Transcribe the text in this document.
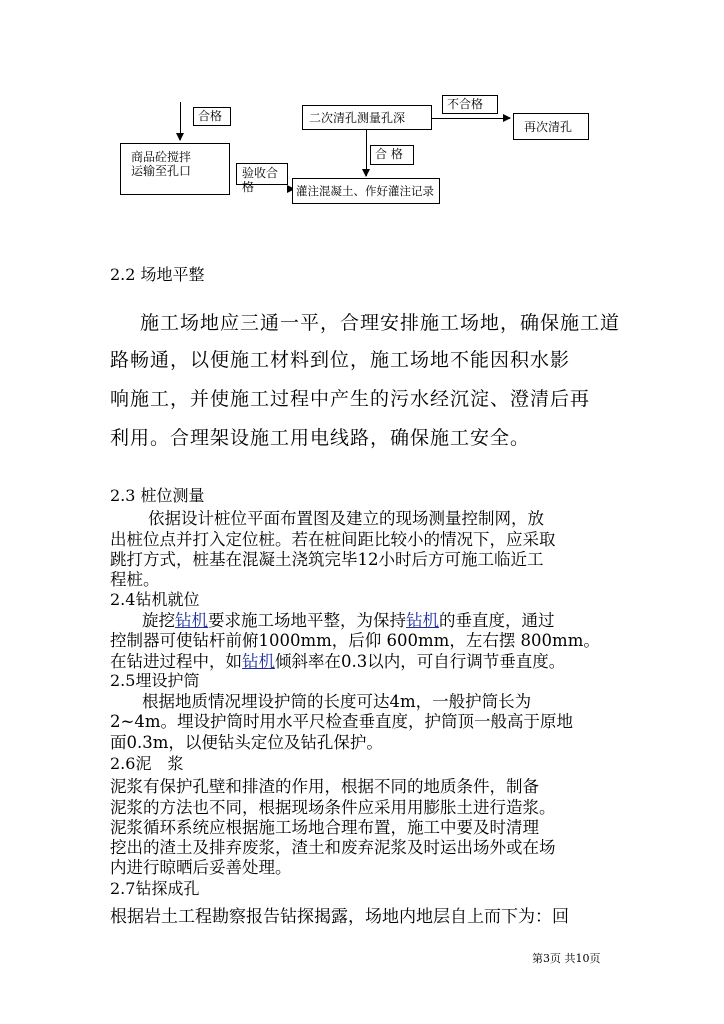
合格
商品砼搅拌
运输至孔口	验收合格
二次清孔测量孔深
不合格
再次清孔
合 格
灌注混凝土、作好灌注记录
2.2 场地平整
施工场地应三通一平，合理安排施工场地，确保施工道
路畅通，以便施工材料到位，施工场地不能因积水影
响施工，并使施工过程中产生的污水经沉淀、澄清后再
利用。合理架设施工用电线路，确保施工安全。
2.3 桩位测量
依据设计桩位平面布置图及建立的现场测量控制网，放
出桩位点并打入定位桩。若在桩间距比较小的情况下，应采取
跳打方式，桩基在混凝土浇筑完毕12小时后方可施工临近工
程桩。
2.4钻机就位
旋挖钻机要求施工场地平整，为保持钻机的垂直度，通过
控制器可使钻杆前俯1000mm，后仰 600mm，左右摆 800mm。
在钻进过程中，如钻机倾斜率在0.3以内，可自行调节垂直度。
2.5埋设护筒
根据地质情况埋设护筒的长度可达4m，一般护筒长为
2~4m。埋设护筒时用水平尺检查垂直度，护筒顶一般高于原地
面0.3m，以便钻头定位及钻孔保护。
2.6泥　浆
泥浆有保护孔壁和排渣的作用，根据不同的地质条件，制备
泥浆的方法也不同，根据现场条件应采用用膨胀土进行造浆。
泥浆循环系统应根据施工场地合理布置，施工中要及时清理
挖出的渣土及排弃废浆，渣土和废弃泥浆及时运出场外或在场
内进行晾晒后妥善处理。
2.7钻探成孔
根据岩土工程勘察报告钻探揭露，场地内地层自上而下为：回
第3页 共10页
